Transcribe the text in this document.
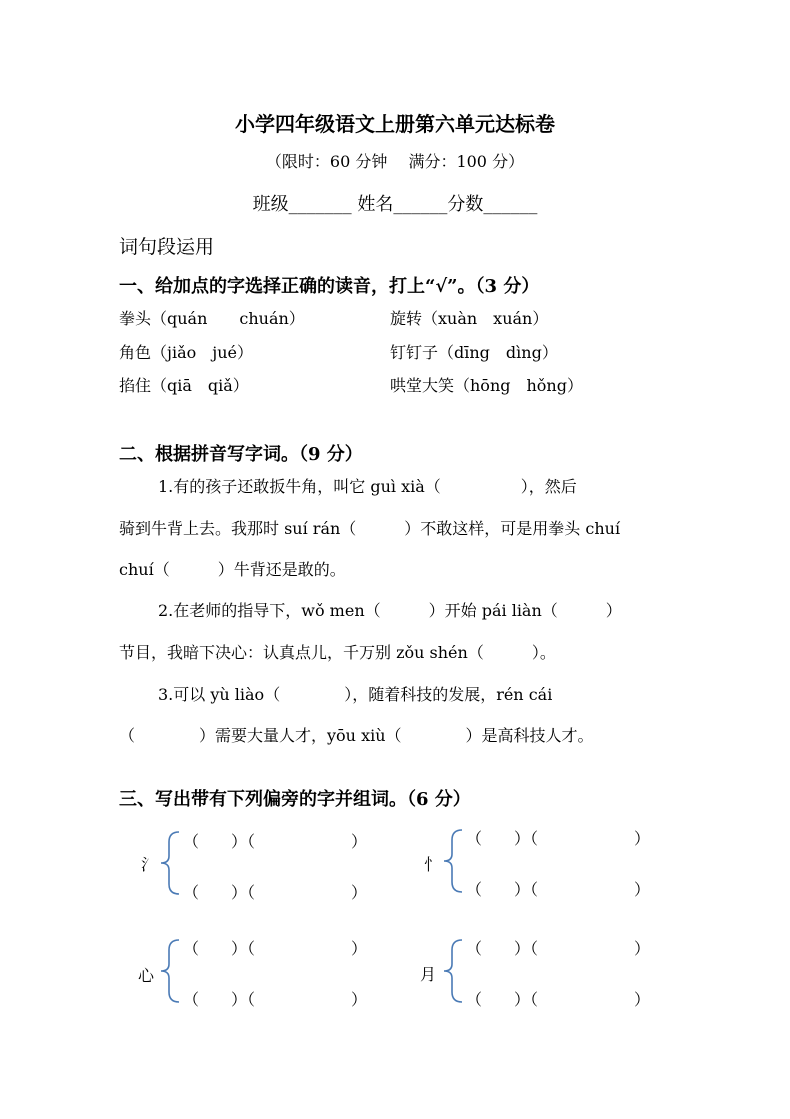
小学四年级语文上册第六单元达标卷
（限时：60 分钟　 满分：100 分）
班级_______ 姓名______分数______
词句段运用
一、给加点的字选择正确的读音，打上“√”。（3 分）
拳头（quán　　chuán）	旋转（xuàn　xuán）
角色（jiǎo　jué）	钉钉子（dīng　dìng）
掐住（qiā　qiǎ）	哄堂大笑（hōng　hǒng）
二、根据拼音写字词。（9 分）
1.有的孩子还敢扳牛角，叫它 guì xià（　　　　　），然后
骑到牛背上去。我那时 suí rán（　　　）不敢这样，可是用拳头 chuí
chuí（　　　）牛背还是敢的。
2.在老师的指导下，wǒ men（　　　）开始 pái liàn（　　　）
节目，我暗下决心：认真点儿，千万别 zǒu shén（　　　）。
3.可以 yù liào（　　　　），随着科技的发展，rén cái
（　　　　）需要大量人才，yōu xiù（　　　　）是高科技人才。
三、写出带有下列偏旁的字并组词。（6 分）
氵
（　　）（　　　　　　）
（　　）（　　　　　　）
忄
（　　）（　　　　　　）
（　　）（　　　　　　）
心
（　　）（　　　　　　）
（　　）（　　　　　　）
月
（　　）（　　　　　　）
（　　）（　　　　　　）
